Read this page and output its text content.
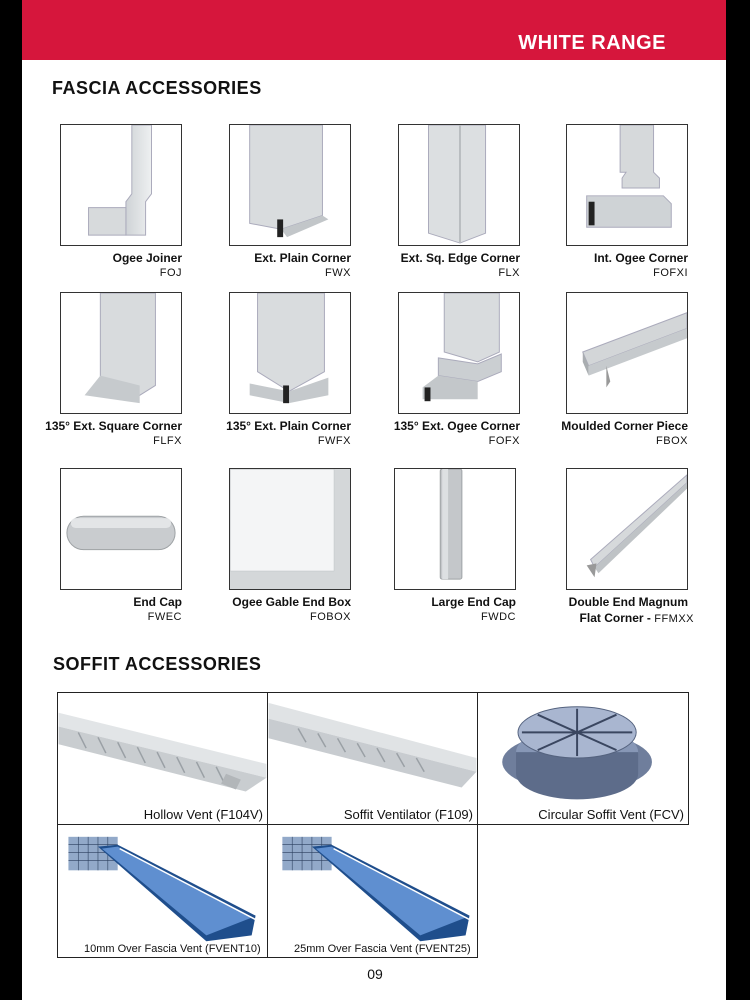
WHITE RANGE
FASCIA ACCESSORIES
Ogee Joiner
FOJ
Ext. Plain Corner
FWX
Ext. Sq. Edge Corner
FLX
Int. Ogee Corner
FOFXI
135° Ext. Square Corner
FLFX
135° Ext. Plain Corner
FWFX
135° Ext. Ogee Corner
FOFX
Moulded Corner Piece
FBOX
End Cap
FWEC
Ogee Gable End Box
FOBOX
Large End Cap
FWDC
Double End Magnum
Flat Corner - FFMXX
SOFFIT ACCESSORIES
Hollow Vent (F104V)	Soffit Ventilator (F109)	Circular Soffit Vent (FCV)
10mm Over Fascia Vent (FVENT10)	25mm Over Fascia Vent (FVENT25)
09
